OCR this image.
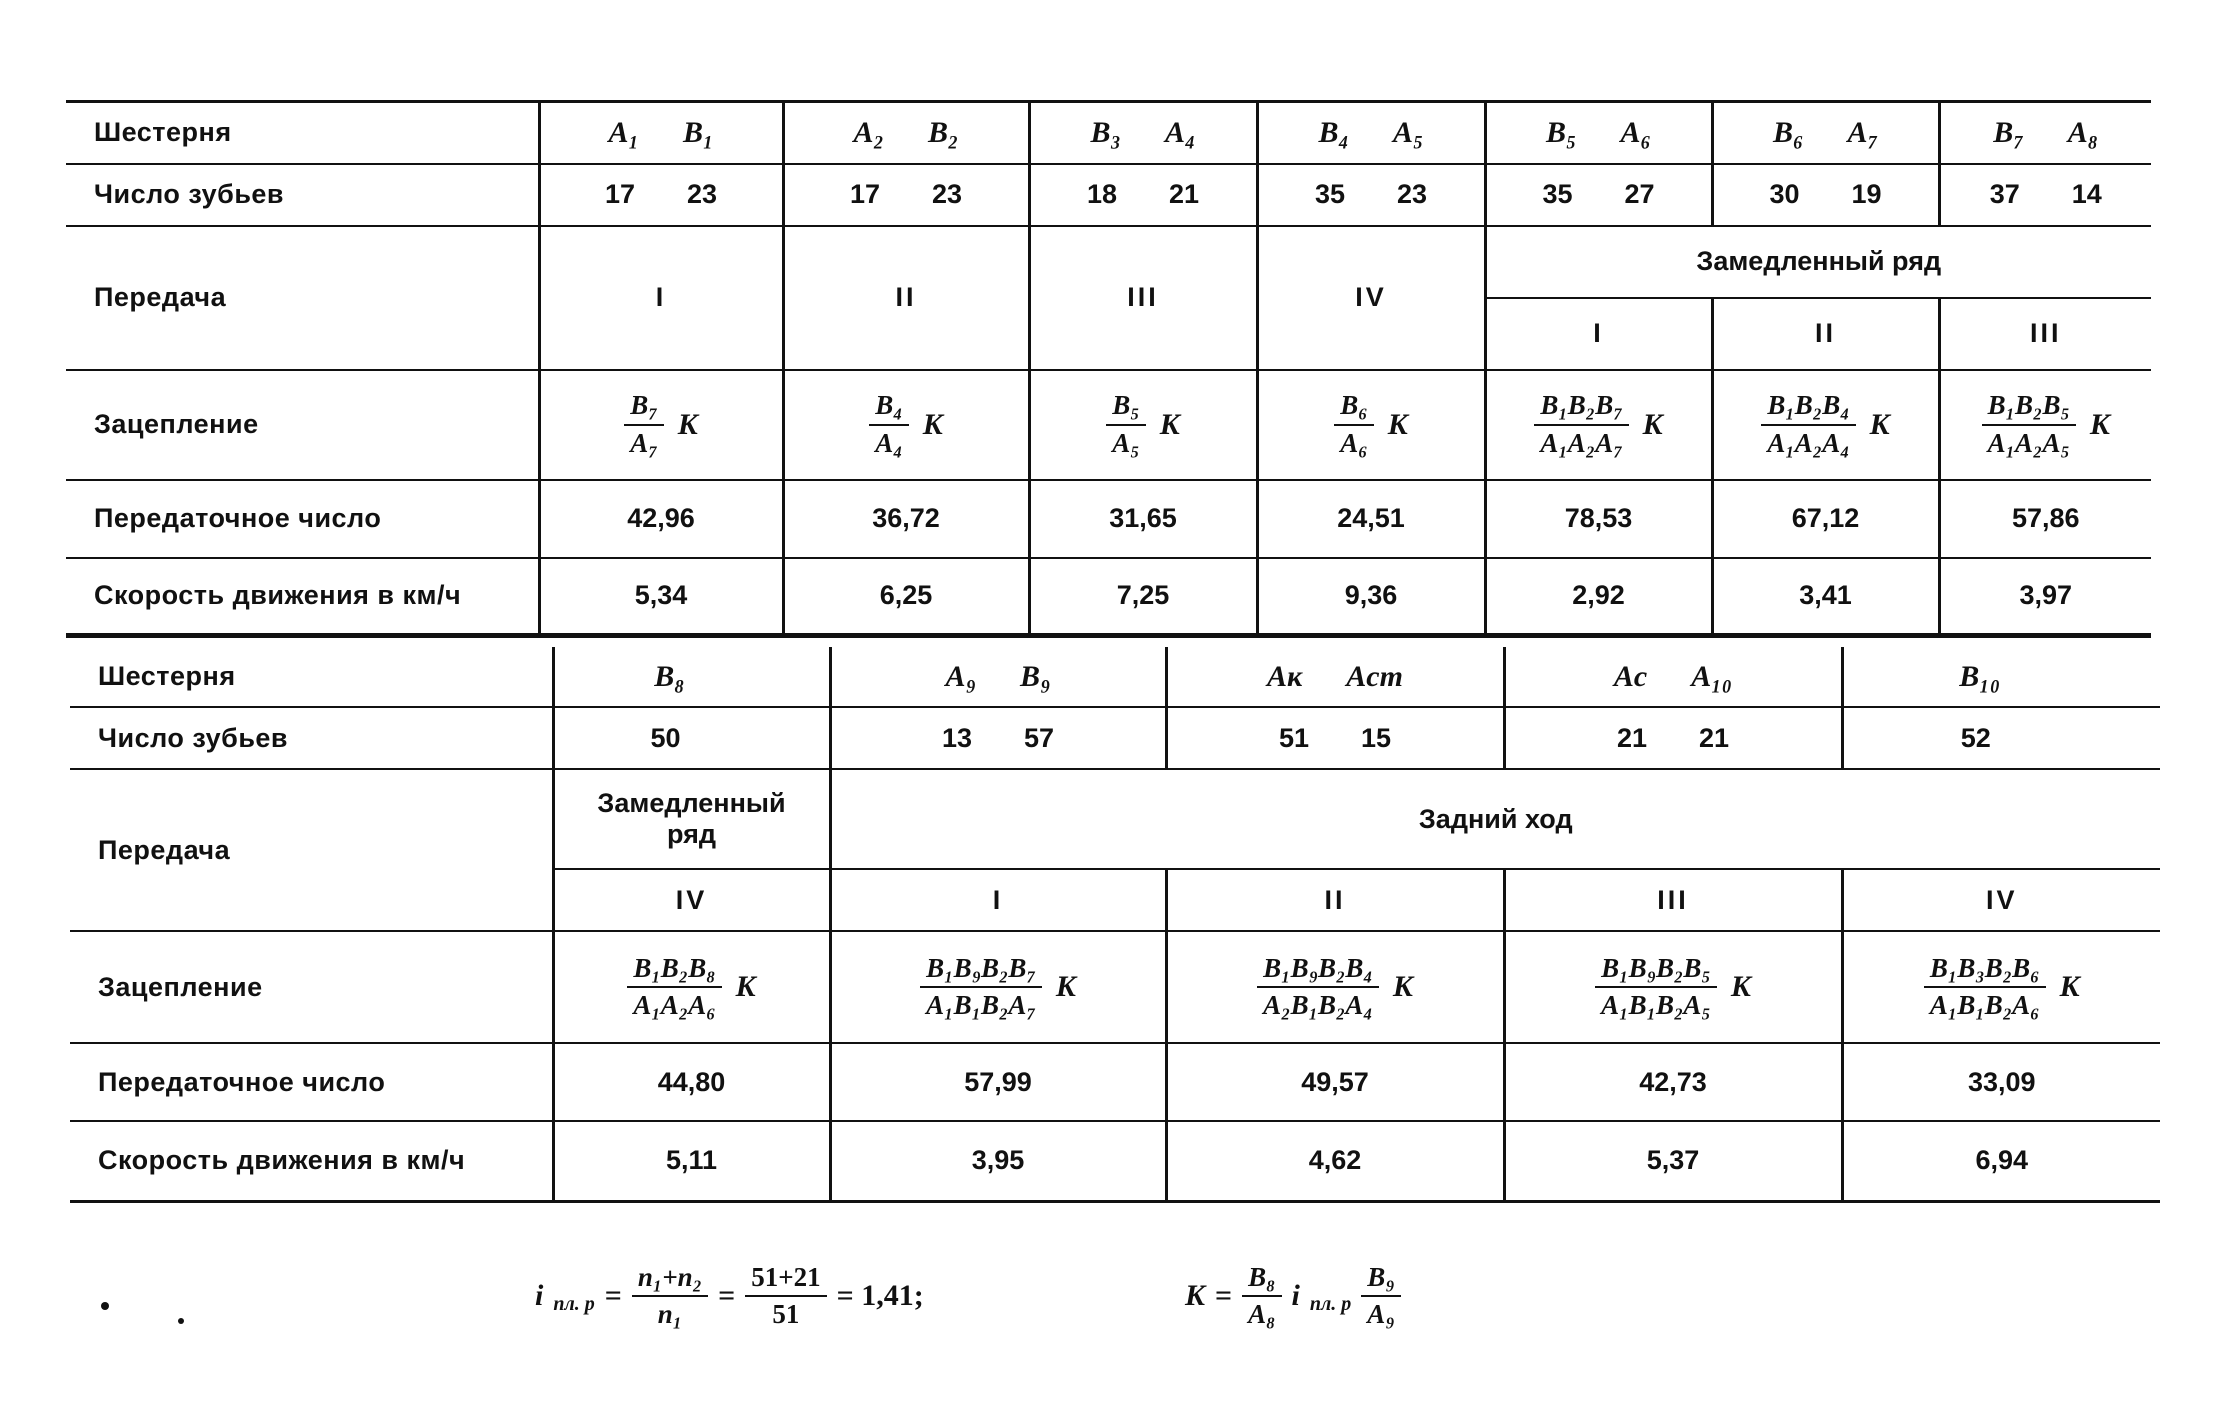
Шестерня	A₁ B₁	A₂ B₂	B₃ A₄	B₄ A₅	B₅ A₆	B₆ A₇	B₇ A₈
Число зубьев	17 23	17 23	18 21	35 23	35 27	30 19	37 14
Передача	I	II	III	IV	Замедленный ряд		
					I	II	III
Зацепление	$\frac{\text{B₇}}{\text{A₇}}$ K	$\frac{\text{B₄}}{\text{A₄}}$ K	$\frac{\text{B₅}}{\text{A₅}}$ K	$\frac{\text{B₆}}{\text{A₆}}$ K	$\frac{\text{B₁B₂B₇}}{\text{A₁A₂A₇}}$ K	$\frac{\text{B₁B₂B₄}}{\text{A₁A₂A₄}}$ K	$\frac{\text{B₁B₂B₅}}{\text{A₁A₂A₅}}$ K

Передаточное число	42,96	36,72	31,65	24,51	78,53	67,12	57,86
Скорость движения в км/ч	5,34	6,25	7,25	9,36	2,92	3,41	3,97
Шестерня	B₈	A₉ B₉	Aк Aст	Aс A₁₀	B₁₀
Число зубьев	50	13 57	51 15	21 21	52
Передача	Замедленный ряд	Задний ход			
	IV	I	II	III	IV
Зацепление	$\frac{\text{B₁B₂B₈}}{\text{A₁A₂A₆}}$ K	$\frac{\text{B₁B₉B₂B₇}}{\text{A₁B₁B₂A₇}}$ K	$\frac{\text{B₁B₉B₂B₄}}{\text{A₂B₁B₂A₄}}$ K	$\frac{\text{B₁B₉B₂B₅}}{\text{A₁B₁B₂A₅}}$ K	$\frac{\text{B₁B₃B₂B₆}}{\text{A₁B₁B₂A₆}}$ K

Передаточное число	44,80	57,99	49,57	42,73	33,09
Скорость движения в км/ч	5,11	3,95	4,62	5,37	6,94
i пл. $р = \frac{\text{n₁+n₂}}{\text{n₁}} = \frac{51+21}{51} = 1,41$;	$K = \frac{\text{B₈}}{\text{A₈}}$ i пл. р $\frac{\text{B₉}}{\text{A₉}}$
